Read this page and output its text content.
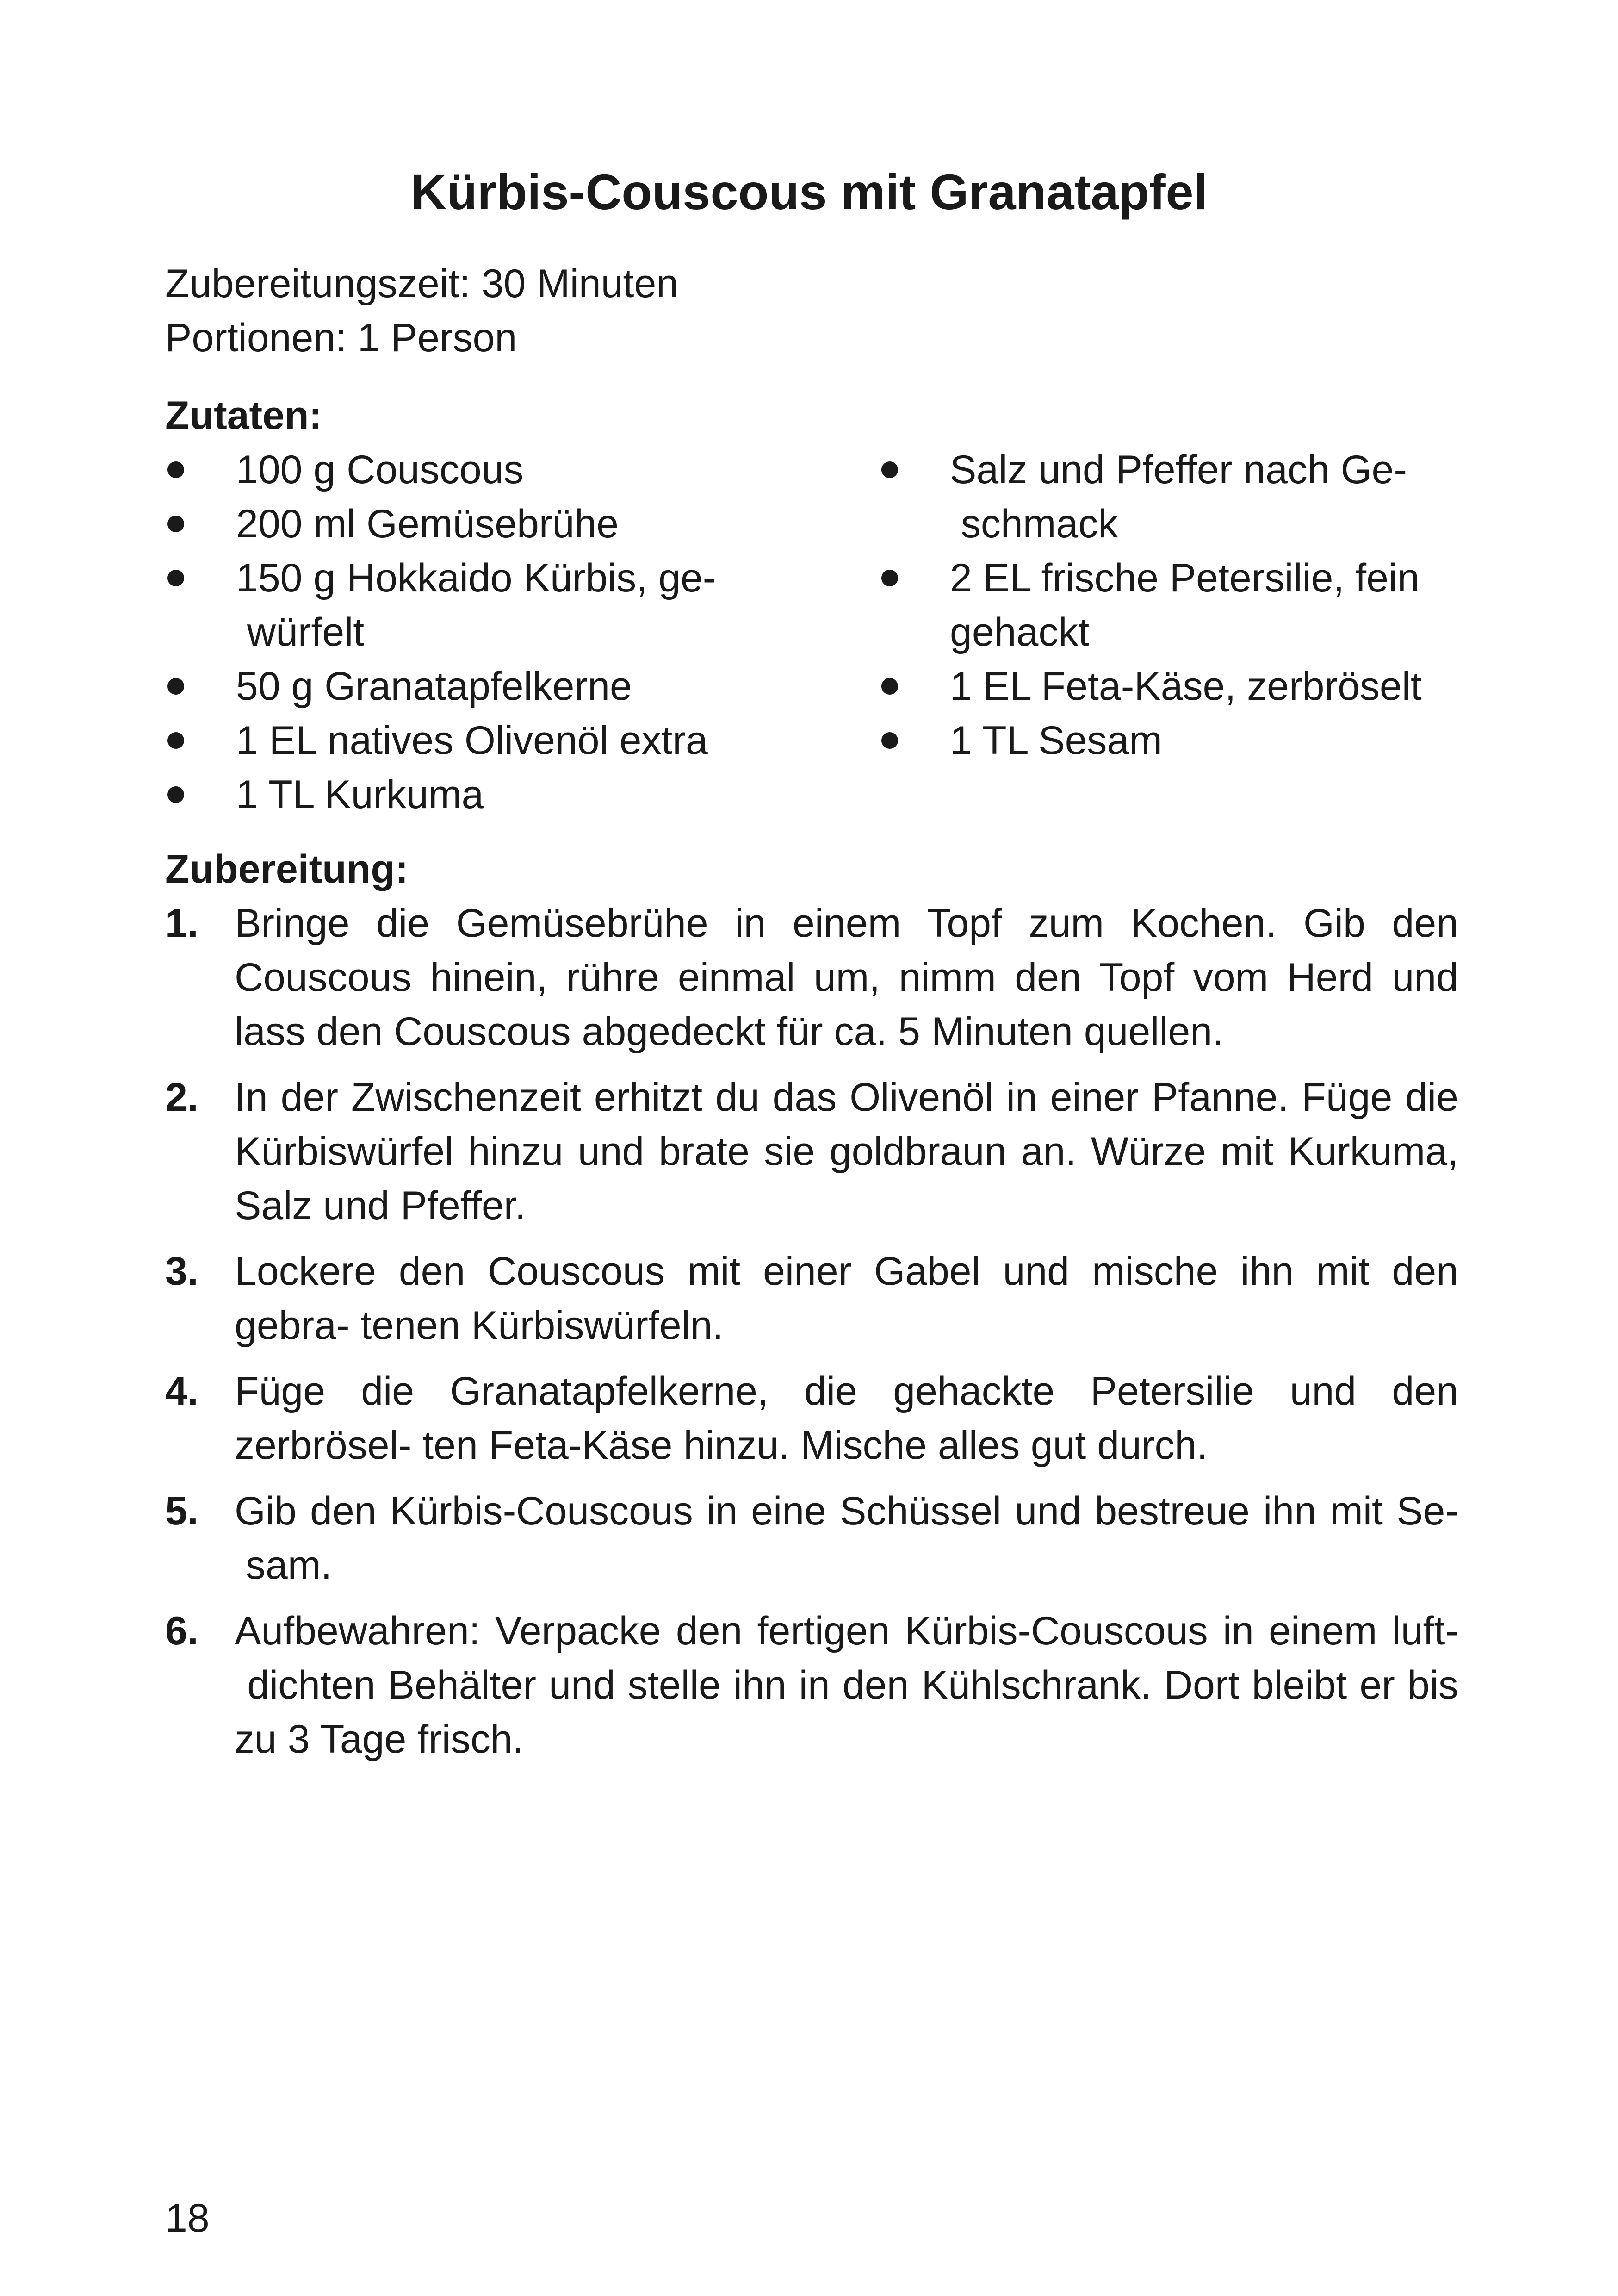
Kürbis-Couscous mit Granatapfel
Zubereitungszeit: 30 Minuten
Portionen: 1 Person
Zutaten:
100 g Couscous
200 ml Gemüsebrühe
150 g Hokkaido Kürbis, ge- würfelt
50 g Granatapfelkerne
1 EL natives Olivenöl extra
1 TL Kurkuma
Salz und Pfeffer nach Ge- schmack
2 EL frische Petersilie, fein gehackt
1 EL Feta-Käse, zerbröselt
1 TL Sesam
Zubereitung:
1. Bringe die Gemüsebrühe in einem Topf zum Kochen. Gib den Couscous hinein, rühre einmal um, nimm den Topf vom Herd und lass den Couscous abgedeckt für ca. 5 Minuten quellen.
2. In der Zwischenzeit erhitzt du das Olivenöl in einer Pfanne. Füge die Kürbiswürfel hinzu und brate sie goldbraun an. Würze mit Kurkuma, Salz und Pfeffer.
3. Lockere den Couscous mit einer Gabel und mische ihn mit den gebra- tenen Kürbiswürfeln.
4. Füge die Granatapfelkerne, die gehackte Petersilie und den zerbrösel- ten Feta-Käse hinzu. Mische alles gut durch.
5. Gib den Kürbis-Couscous in eine Schüssel und bestreue ihn mit Se- sam.
6. Aufbewahren: Verpacke den fertigen Kürbis-Couscous in einem luft- dichten Behälter und stelle ihn in den Kühlschrank. Dort bleibt er bis zu 3 Tage frisch.
18
